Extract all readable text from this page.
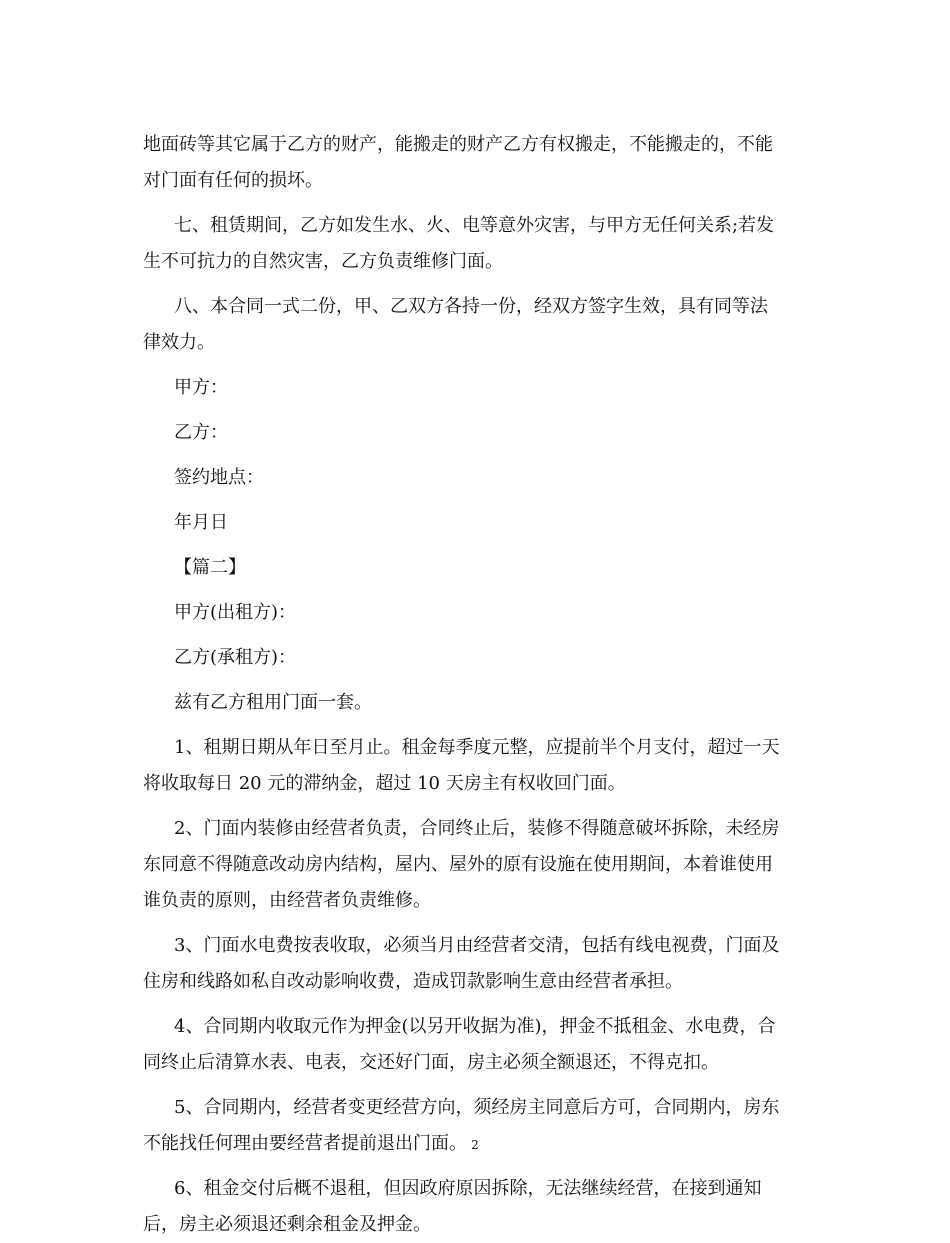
地面砖等其它属于乙方的财产，能搬走的财产乙方有权搬走，不能搬走的，不能
对门面有任何的损坏。
七、租赁期间，乙方如发生水、火、电等意外灾害，与甲方无任何关系;若发
生不可抗力的自然灾害，乙方负责维修门面。
八、本合同一式二份，甲、乙双方各持一份，经双方签字生效，具有同等法
律效力。
甲方：
乙方：
签约地点：
年月日
【篇二】
甲方(出租方)：
乙方(承租方)：
兹有乙方租用门面一套。
1、租期日期从年日至月止。租金每季度元整，应提前半个月支付，超过一天
将收取每日 20 元的滞纳金，超过 10 天房主有权收回门面。
2、门面内装修由经营者负责，合同终止后，装修不得随意破坏拆除，未经房
东同意不得随意改动房内结构，屋内、屋外的原有设施在使用期间，本着谁使用
谁负责的原则，由经营者负责维修。
3、门面水电费按表收取，必须当月由经营者交清，包括有线电视费，门面及
住房和线路如私自改动影响收费，造成罚款影响生意由经营者承担。
4、合同期内收取元作为押金(以另开收据为准)，押金不抵租金、水电费，合
同终止后清算水表、电表，交还好门面，房主必须全额退还，不得克扣。
5、合同期内，经营者变更经营方向，须经房主同意后方可，合同期内，房东
不能找任何理由要经营者提前退出门面。
6、租金交付后概不退租，但因政府原因拆除，无法继续经营，在接到通知
后，房主必须退还剩余租金及押金。
2
